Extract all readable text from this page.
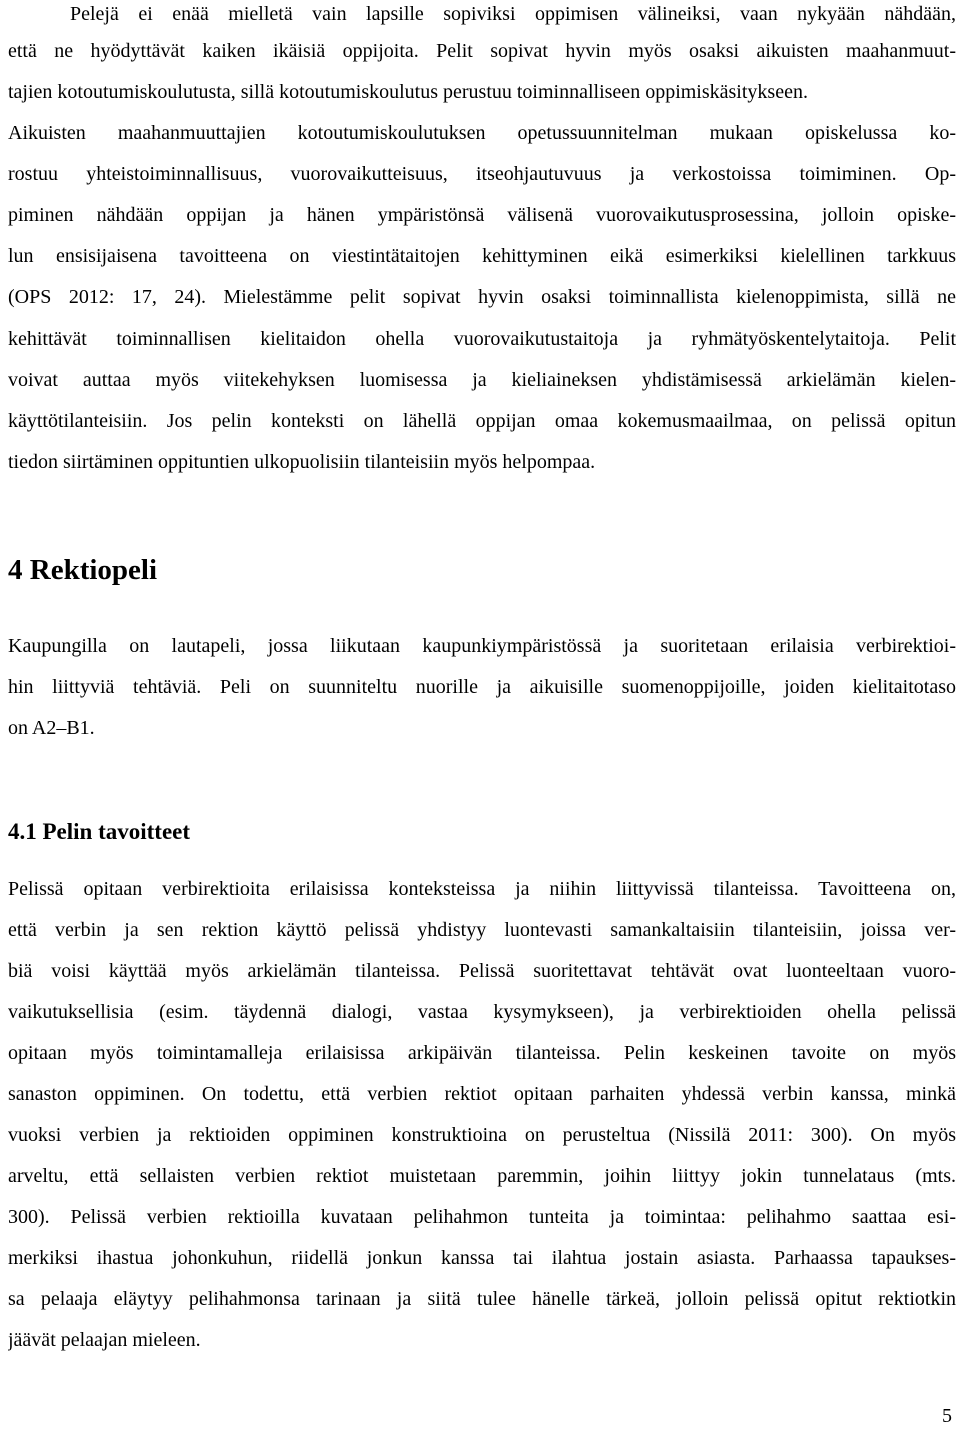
Pelejä ei enää mielletä vain lapsille sopiviksi oppimisen välineiksi, vaan nykyään nähdään,
että ne hyödyttävät kaiken ikäisiä oppijoita. Pelit sopivat hyvin myös osaksi aikuisten maahanmuut-
tajien kotoutumiskoulutusta, sillä kotoutumiskoulutus perustuu toiminnalliseen oppimiskäsitykseen.
Aikuisten maahanmuuttajien kotoutumiskoulutuksen opetussuunnitelman mukaan opiskelussa ko-
rostuu yhteistoiminnallisuus, vuorovaikutteisuus, itseohjautuvuus ja verkostoissa toimiminen. Op-
piminen nähdään oppijan ja hänen ympäristönsä välisenä vuorovaikutusprosessina, jolloin opiske-
lun ensisijaisena tavoitteena on viestintätaitojen kehittyminen eikä esimerkiksi kielellinen tarkkuus
(OPS 2012: 17, 24). Mielestämme pelit sopivat hyvin osaksi toiminnallista kielenoppimista, sillä ne
kehittävät toiminnallisen kielitaidon ohella vuorovaikutustaitoja ja ryhmätyöskentelytaitoja. Pelit
voivat auttaa myös viitekehyksen luomisessa ja kieliaineksen yhdistämisessä arkielämän kielen-
käyttötilanteisiin. Jos pelin konteksti on lähellä oppijan omaa kokemusmaailmaa, on pelissä opitun
tiedon siirtäminen oppituntien ulkopuolisiin tilanteisiin myös helpompaa.
4 Rektiopeli
Kaupungilla on lautapeli, jossa liikutaan kaupunkiympäristössä ja suoritetaan erilaisia verbirektioi-
hin liittyviä tehtäviä. Peli on suunniteltu nuorille ja aikuisille suomenoppijoille, joiden kielitaitotaso
on A2–B1.
4.1 Pelin tavoitteet
Pelissä opitaan verbirektioita erilaisissa konteksteissa ja niihin liittyvissä tilanteissa. Tavoitteena on,
että verbin ja sen rektion käyttö pelissä yhdistyy luontevasti samankaltaisiin tilanteisiin, joissa ver-
biä voisi käyttää myös arkielämän tilanteissa. Pelissä suoritettavat tehtävät ovat luonteeltaan vuoro-
vaikutuksellisia (esim. täydennä dialogi, vastaa kysymykseen), ja verbirektioiden ohella pelissä
opitaan myös toimintamalleja erilaisissa arkipäivän tilanteissa. Pelin keskeinen tavoite on myös
sanaston oppiminen. On todettu, että verbien rektiot opitaan parhaiten yhdessä verbin kanssa, minkä
vuoksi verbien ja rektioiden oppiminen konstruktioina on perusteltua (Nissilä 2011: 300). On myös
arveltu, että sellaisten verbien rektiot muistetaan paremmin, joihin liittyy jokin tunnelataus (mts.
300). Pelissä verbien rektioilla kuvataan pelihahmon tunteita ja toimintaa: pelihahmo saattaa esi-
merkiksi ihastua johonkuhun, riidellä jonkun kanssa tai ilahtua jostain asiasta. Parhaassa tapaukses-
sa pelaaja eläytyy pelihahmonsa tarinaan ja siitä tulee hänelle tärkeä, jolloin pelissä opitut rektiotkin
jäävät pelaajan mieleen.
5
